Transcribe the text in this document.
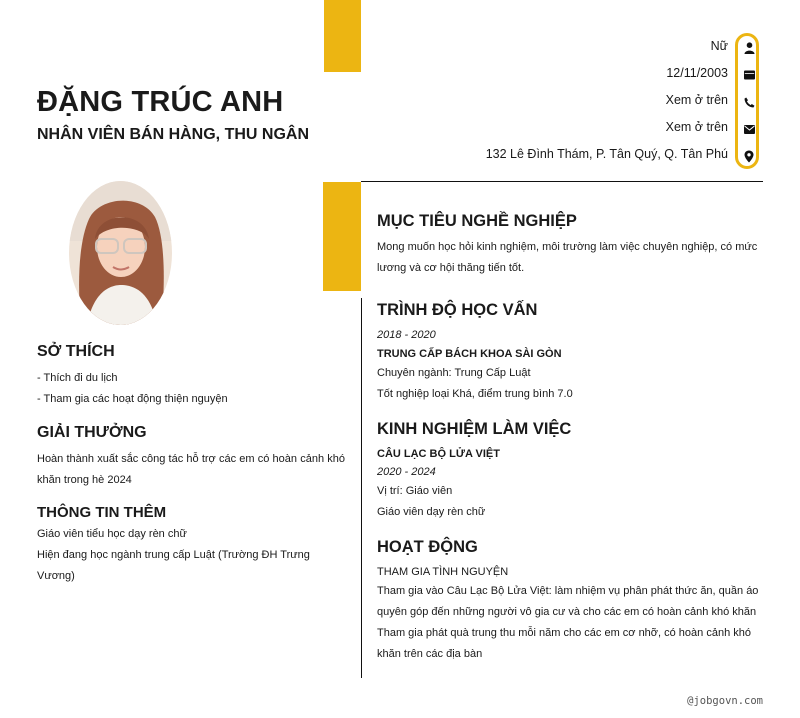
ĐẶNG TRÚC ANH
NHÂN VIÊN BÁN HÀNG, THU NGÂN
Nữ
12/11/2003
Xem ở trên
Xem ở trên
132 Lê Đình Thám, P. Tân Quý, Q. Tân Phú
SỞ THÍCH
- Thích đi du lịch
- Tham gia các hoạt động thiện nguyện
GIẢI THƯỞNG
Hoàn thành xuất sắc công tác hỗ trợ các em có hoàn cảnh khó khăn trong hè 2024
THÔNG TIN THÊM
Giáo viên tiểu học dạy rèn chữ
Hiện đang học ngành trung cấp Luật (Trường ĐH Trưng Vương)
MỤC TIÊU NGHỀ NGHIỆP
Mong muốn học hỏi kinh nghiệm, môi trường làm việc chuyên nghiệp, có mức lương và cơ hội thăng tiến tốt.
TRÌNH ĐỘ HỌC VẤN
2018 - 2020
TRUNG CẤP BÁCH KHOA SÀI GÒN
Chuyên ngành: Trung Cấp Luật
Tốt nghiệp loại Khá, điểm trung bình 7.0
KINH NGHIỆM LÀM VIỆC
CÂU LẠC BỘ LỬA VIỆT
2020 - 2024
Vị trí: Giáo viên
Giáo viên dạy rèn chữ
HOẠT ĐỘNG
THAM GIA TÌNH NGUYỆN
Tham gia vào Câu Lạc Bộ Lửa Việt: làm nhiệm vụ phân phát thức ăn, quần áo quyên góp đến những người vô gia cư và cho các em có hoàn cảnh khó khăn
Tham gia phát quà trung thu mỗi năm cho các em cơ nhỡ, có hoàn cảnh khó khăn trên các địa bàn
@jobgovn.com
